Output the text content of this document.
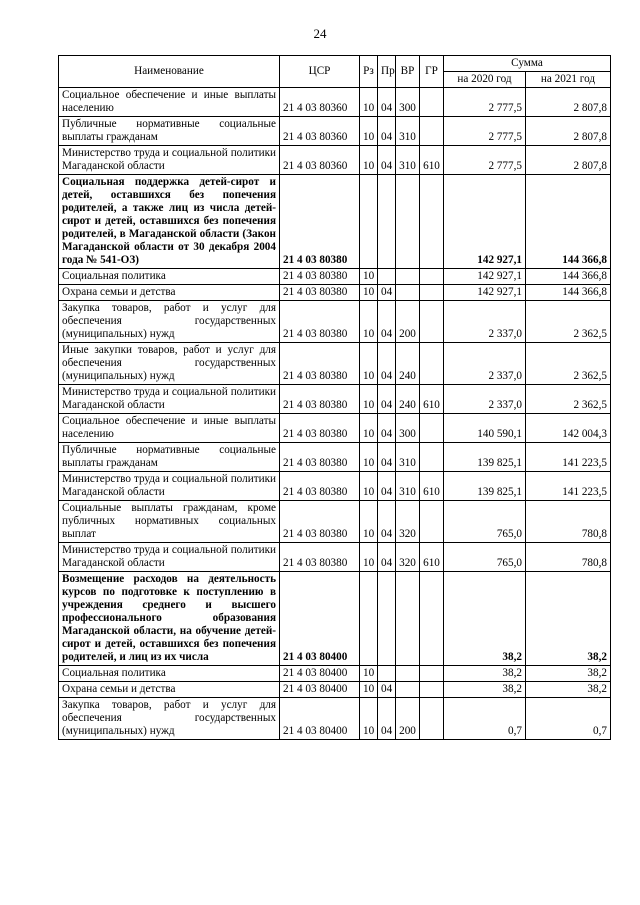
24
Наименование	ЦСР	Рз	Пр	ВР	ГР	Сумма	
						на 2020 год	на 2021 год
Социальное обеспечение и иные выплаты населению	21 4 03 80360	10	04	300		2 777,5	2 807,8
Публичные нормативные социальные выплаты гражданам	21 4 03 80360	10	04	310		2 777,5	2 807,8
Министерство труда и социальной политики Магаданской области	21 4 03 80360	10	04	310	610	2 777,5	2 807,8
Социальная поддержка детей-сирот и детей, оставшихся без попечения родителей, а также лиц из числа детей-сирот и детей, оставшихся без попечения родителей, в Магаданской области (Закон Магаданской области от 30 декабря 2004 года № 541-ОЗ)	21 4 03 80380					142 927,1	144 366,8
Социальная политика	21 4 03 80380	10				142 927,1	144 366,8
Охрана семьи и детства	21 4 03 80380	10	04			142 927,1	144 366,8
Закупка товаров, работ и услуг для обеспечения государственных (муниципальных) нужд	21 4 03 80380	10	04	200		2 337,0	2 362,5
Иные закупки товаров, работ и услуг для обеспечения государственных (муниципальных) нужд	21 4 03 80380	10	04	240		2 337,0	2 362,5
Министерство труда и социальной политики Магаданской области	21 4 03 80380	10	04	240	610	2 337,0	2 362,5
Социальное обеспечение и иные выплаты населению	21 4 03 80380	10	04	300		140 590,1	142 004,3
Публичные нормативные социальные выплаты гражданам	21 4 03 80380	10	04	310		139 825,1	141 223,5
Министерство труда и социальной политики Магаданской области	21 4 03 80380	10	04	310	610	139 825,1	141 223,5
Социальные выплаты гражданам, кроме публичных нормативных социальных выплат	21 4 03 80380	10	04	320		765,0	780,8
Министерство труда и социальной политики Магаданской области	21 4 03 80380	10	04	320	610	765,0	780,8
Возмещение расходов на деятельность курсов по подготовке к поступлению в учреждения среднего и высшего профессионального образования Магаданской области, на обучение детей-сирот и детей, оставшихся без попечения родителей, и лиц из их числа	21 4 03 80400					38,2	38,2
Социальная политика	21 4 03 80400	10				38,2	38,2
Охрана семьи и детства	21 4 03 80400	10	04			38,2	38,2
Закупка товаров, работ и услуг для обеспечения государственных (муниципальных) нужд	21 4 03 80400	10	04	200		0,7	0,7
